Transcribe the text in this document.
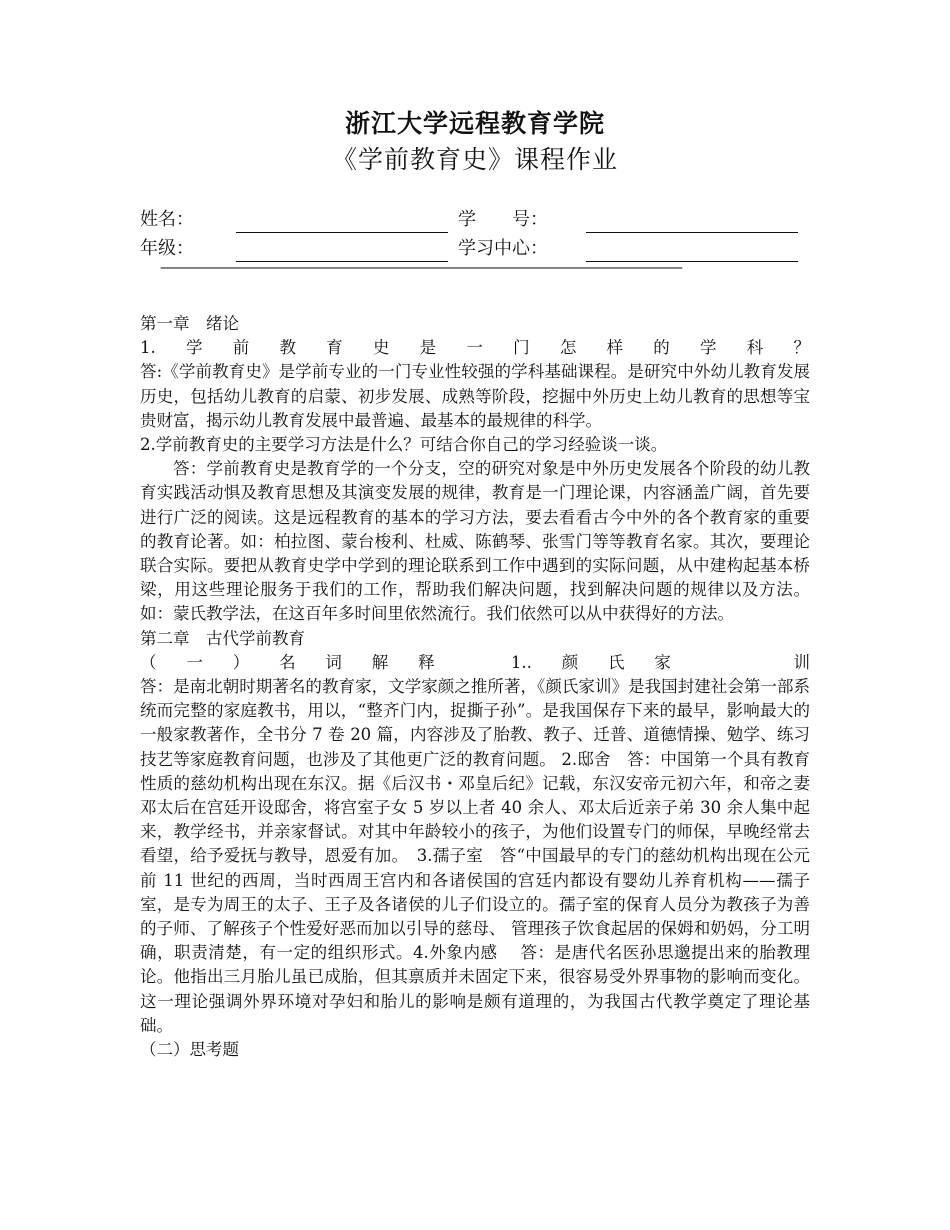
浙江大学远程教育学院
《学前教育史》课程作业
姓名：	学　　号：
年级：	学习中心：
————————————————————————————————————————

第一章　绪论

1.学前教育史是一门怎样的学科？

答:《学前教育史》是学前专业的一门专业性较强的学科基础课程。是研究中外幼儿教育发展历史，包括幼儿教育的启蒙、初步发展、成熟等阶段，挖掘中外历史上幼儿教育的思想等宝贵财富，揭示幼儿教育发展中最普遍、最基本的最规律的科学。

2.学前教育史的主要学习方法是什么？可结合你自己的学习经验谈一谈。

答：学前教育史是教育学的一个分支，空的研究对象是中外历史发展各个阶段的幼儿教育实践活动惧及教育思想及其演变发展的规律，教育是一门理论课，内容涵盖广阔，首先要进行广泛的阅读。这是远程教育的基本的学习方法，要去看看古今中外的各个教育家的重要的教育论著。如：柏拉图、蒙台梭利、杜威、陈鹤琴、张雪门等等教育名家。其次，要理论联合实际。要把从教育史学中学到的理论联系到工作中遇到的实际问题，从中建构起基本桥梁，用这些理论服务于我们的工作，帮助我们解决问题，找到解决问题的规律以及方法。如：蒙氏教学法，在这百年多时间里依然流行。我们依然可以从中获得好的方法。

第二章　古代学前教育

（一）名词解释　1..颜氏家　　训

答：是南北朝时期著名的教育家，文学家颜之推所著，《颜氏家训》是我国封建社会第一部系统而完整的家庭教书，用以，“整齐门内，捉撕子孙”。是我国保存下来的最早，影响最大的一般家教著作，全书分 7 卷 20 篇，内容涉及了胎教、教子、迁普、道德情操、勉学、练习技艺等家庭教育问题，也涉及了其他更广泛的教育问题。 2.邸舍　答：中国第一个具有教育性质的慈幼机构出现在东汉。据《后汉书・邓皇后纪》记载，东汉安帝元初六年，和帝之妻邓太后在宫廷开设邸舍，将宫室子女 5 岁以上者 40 余人、邓太后近亲子弟 30 余人集中起来，教学经书，并亲家督试。对其中年龄较小的孩子，为他们设置专门的师保，早晚经常去看望，给予爱抚与教导，恩爱有加。　3.孺子室　答“中国最早的专门的慈幼机构出现在公元前 11 世纪的西周，当时西周王宫内和各诸侯国的宫廷内都设有婴幼儿养育机构——孺子室，是专为周王的太子、王子及各诸侯的儿子们设立的。孺子室的保育人员分为教孩子为善的子师、了解孩子个性爱好恶而加以引导的慈母、 管理孩子饮食起居的保姆和奶妈，分工明确，职责清楚，有一定的组织形式。4.外象内感　 答：是唐代名医孙思邈提出来的胎教理论。他指出三月胎儿虽已成胎，但其禀质并未固定下来，很容易受外界事物的影响而变化。这一理论强调外界环境对孕妇和胎儿的影响是颇有道理的，为我国古代教学奠定了理论基础。

（二）思考题
